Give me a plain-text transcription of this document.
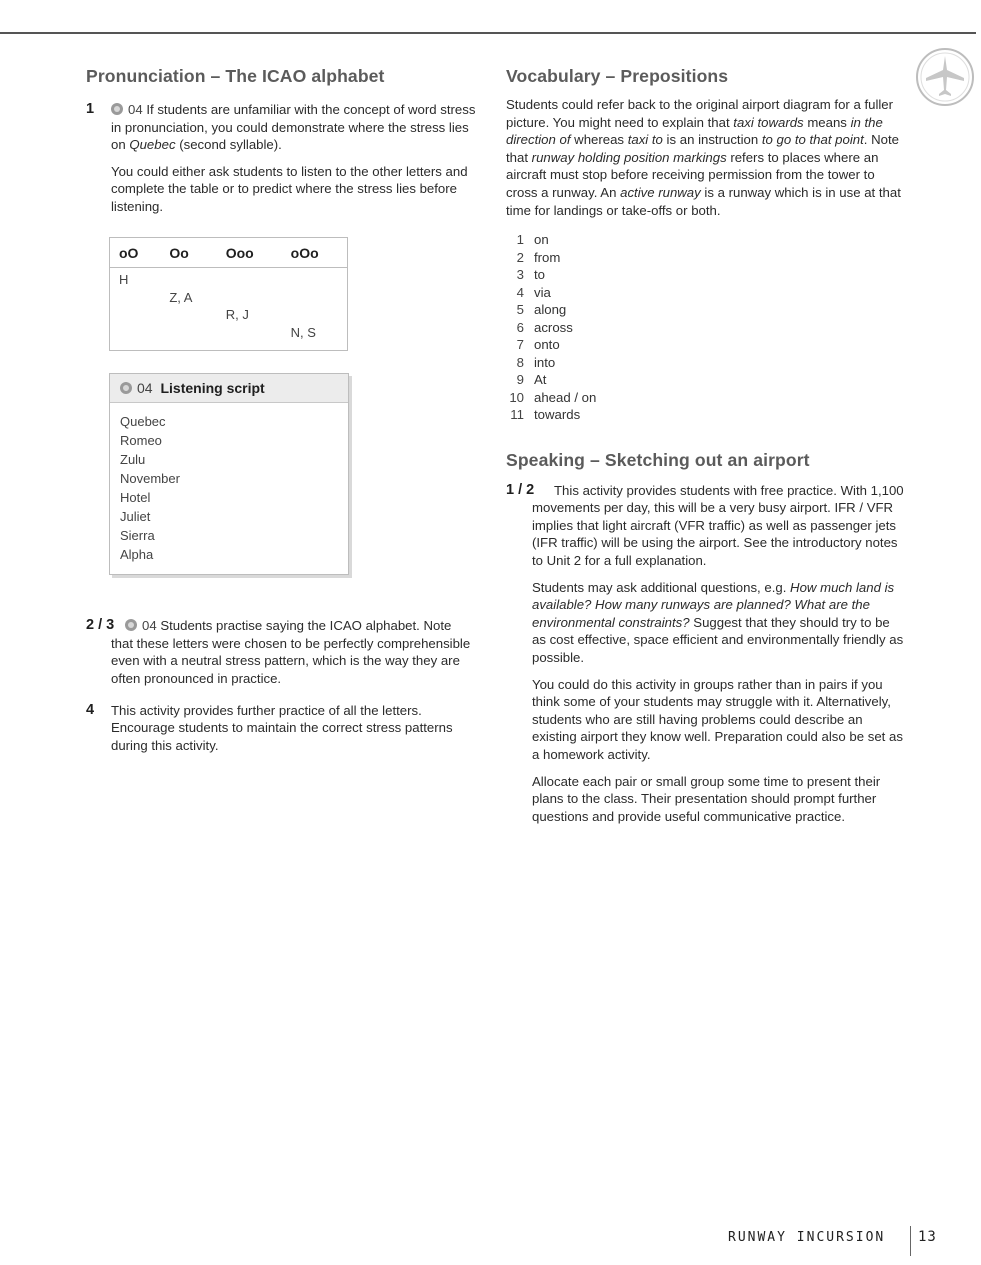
Pronunciation – The ICAO alphabet
1	04 If students are unfamiliar with the concept of word stress in pronunciation, you could demonstrate where the stress lies on Quebec (second syllable).

You could either ask students to listen to the other letters and complete the table or to predict where the stress lies before listening.

oO	Oo	Ooo	oOo
H			
	Z, A		
		R, J	
			N, S
04 Listening script
Quebec
Romeo
Zulu
November
Hotel
Juliet
Sierra
Alpha
2 / 3	04 Students practise saying the ICAO alphabet. Note that these letters were chosen to be perfectly comprehensible even with a neutral stress pattern, which is the way they are often pronounced in practice.

4 This activity provides further practice of all the letters. Encourage students to maintain the correct stress patterns during this activity.

Vocabulary – Prepositions

Students could refer back to the original airport diagram for a fuller picture. You might need to explain that taxi towards means in the direction of whereas taxi to is an instruction to go to that point. Note that runway holding position markings refers to places where an aircraft must stop before receiving permission from the tower to cross a runway. An active runway is a runway which is in use at that time for landings or take-offs or both.

1 on
2 from
3 to
4 via
5 along
6 across
7 onto
8 into
9 At
10 ahead / on
11 towards
Speaking – Sketching out an airport
1 / 2	This activity provides students with free practice. With 1,100 movements per day, this will be a very busy airport. IFR / VFR implies that light aircraft (VFR traffic) as well as passenger jets (IFR traffic) will be using the airport. See the introductory notes to Unit 2 for a full explanation.

Students may ask additional questions, e.g. How much land is available? How many runways are planned? What are the environmental constraints? Suggest that they should try to be as cost effective, space efficient and environmentally friendly as possible.

You could do this activity in groups rather than in pairs if you think some of your students may struggle with it. Alternatively, students who are still having problems could describe an existing airport they know well. Preparation could also be set as a homework activity.

Allocate each pair or small group some time to present their plans to the class. Their presentation should prompt further questions and provide useful communicative practice.

RUNWAY INCURSION 13
